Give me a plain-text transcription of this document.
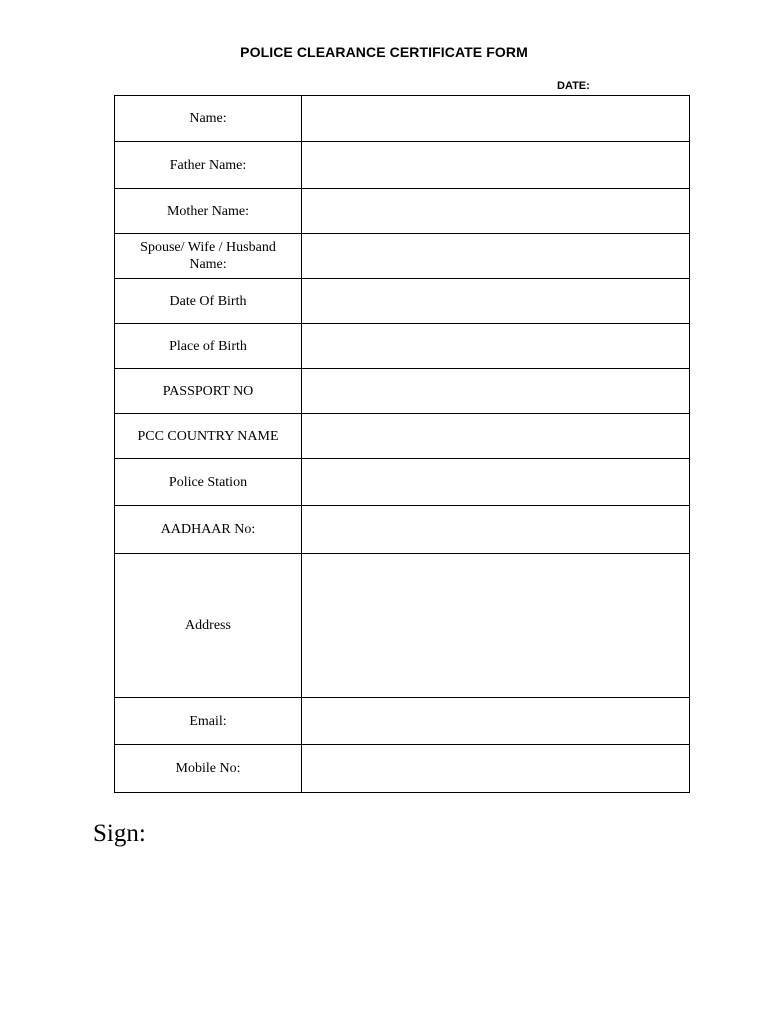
POLICE CLEARANCE CERTIFICATE FORM
DATE:
Name:	
Father Name:	
Mother Name:	
Spouse/ Wife / Husband Name:	
Date Of Birth	
Place of Birth	
PASSPORT NO	
PCC COUNTRY NAME	
Police Station	
AADHAAR No:	
Address	
Email:	
Mobile No:	
Sign:
